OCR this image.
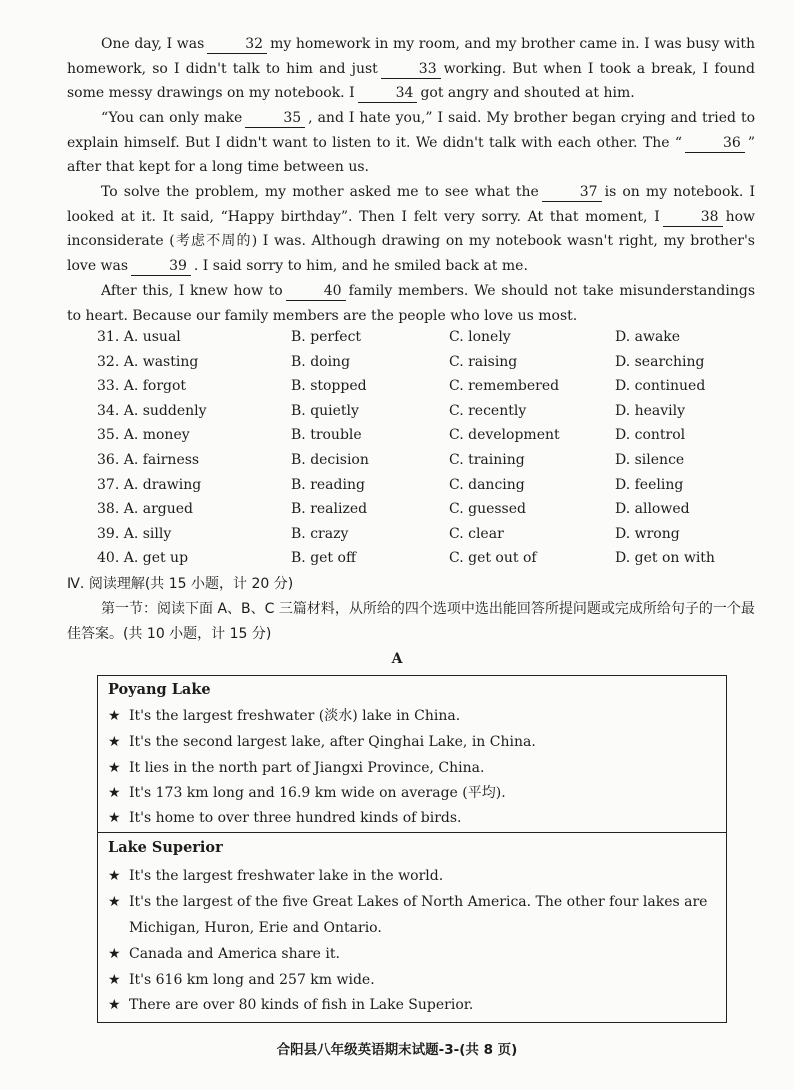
One day, I was	32 my homework in my room, and my brother came in. I was busy with homework, so I didn't talk to him and just	33 working. But when I took a break, I found some messy drawings on my notebook. I	34 got angry and shouted at him.

“You can only make	35 , and I hate you,” I said. My brother began crying and tried to explain himself. But I didn't want to listen to it. We didn't talk with each other. The “	36 ” after that kept for a long time between us.

To solve the problem, my mother asked me to see what the	37 is on my notebook. I looked at it. It said, “Happy birthday”. Then I felt very sorry. At that moment, I	38 how inconsiderate (考虑不周的) I was. Although drawing on my notebook wasn't right, my brother's love was	39 . I said sorry to him, and he smiled back at me.

After this, I knew how to	40 family members. We should not take misunderstandings to heart. Because our family members are the people who love us most.

31. A. usual	B. perfect	C. lonely	D. awake
32. A. wasting	B. doing	C. raising	D. searching
33. A. forgot	B. stopped	C. remembered	D. continued
34. A. suddenly	B. quietly	C. recently	D. heavily
35. A. money	B. trouble	C. development	D. control
36. A. fairness	B. decision	C. training	D. silence
37. A. drawing	B. reading	C. dancing	D. feeling
38. A. argued	B. realized	C. guessed	D. allowed
39. A. silly	B. crazy	C. clear	D. wrong
40. A. get up	B. get off	C. get out of	D. get on with
Ⅳ. 阅读理解(共 15 小题，计 20 分)

第一节：阅读下面 A、B、C 三篇材料，从所给的四个选项中选出能回答所提问题或完成所给句子的一个最佳答案。(共 10 小题，计 15 分)

A
Poyang Lake
★ It's the largest freshwater (淡水) lake in China.
★ It's the second largest lake, after Qinghai Lake, in China.
★ It lies in the north part of Jiangxi Province, China.
★ It's 173 km long and 16.9 km wide on average (平均).
★ It's home to over three hundred kinds of birds.
Lake Superior
★ It's the largest freshwater lake in the world.
★ It's the largest of the five Great Lakes of North America. The other four lakes are Michigan, Huron, Erie and Ontario.
★ Canada and America share it.
★ It's 616 km long and 257 km wide.
★ There are over 80 kinds of fish in Lake Superior.
合阳县八年级英语期末试题-3-(共 8 页)
